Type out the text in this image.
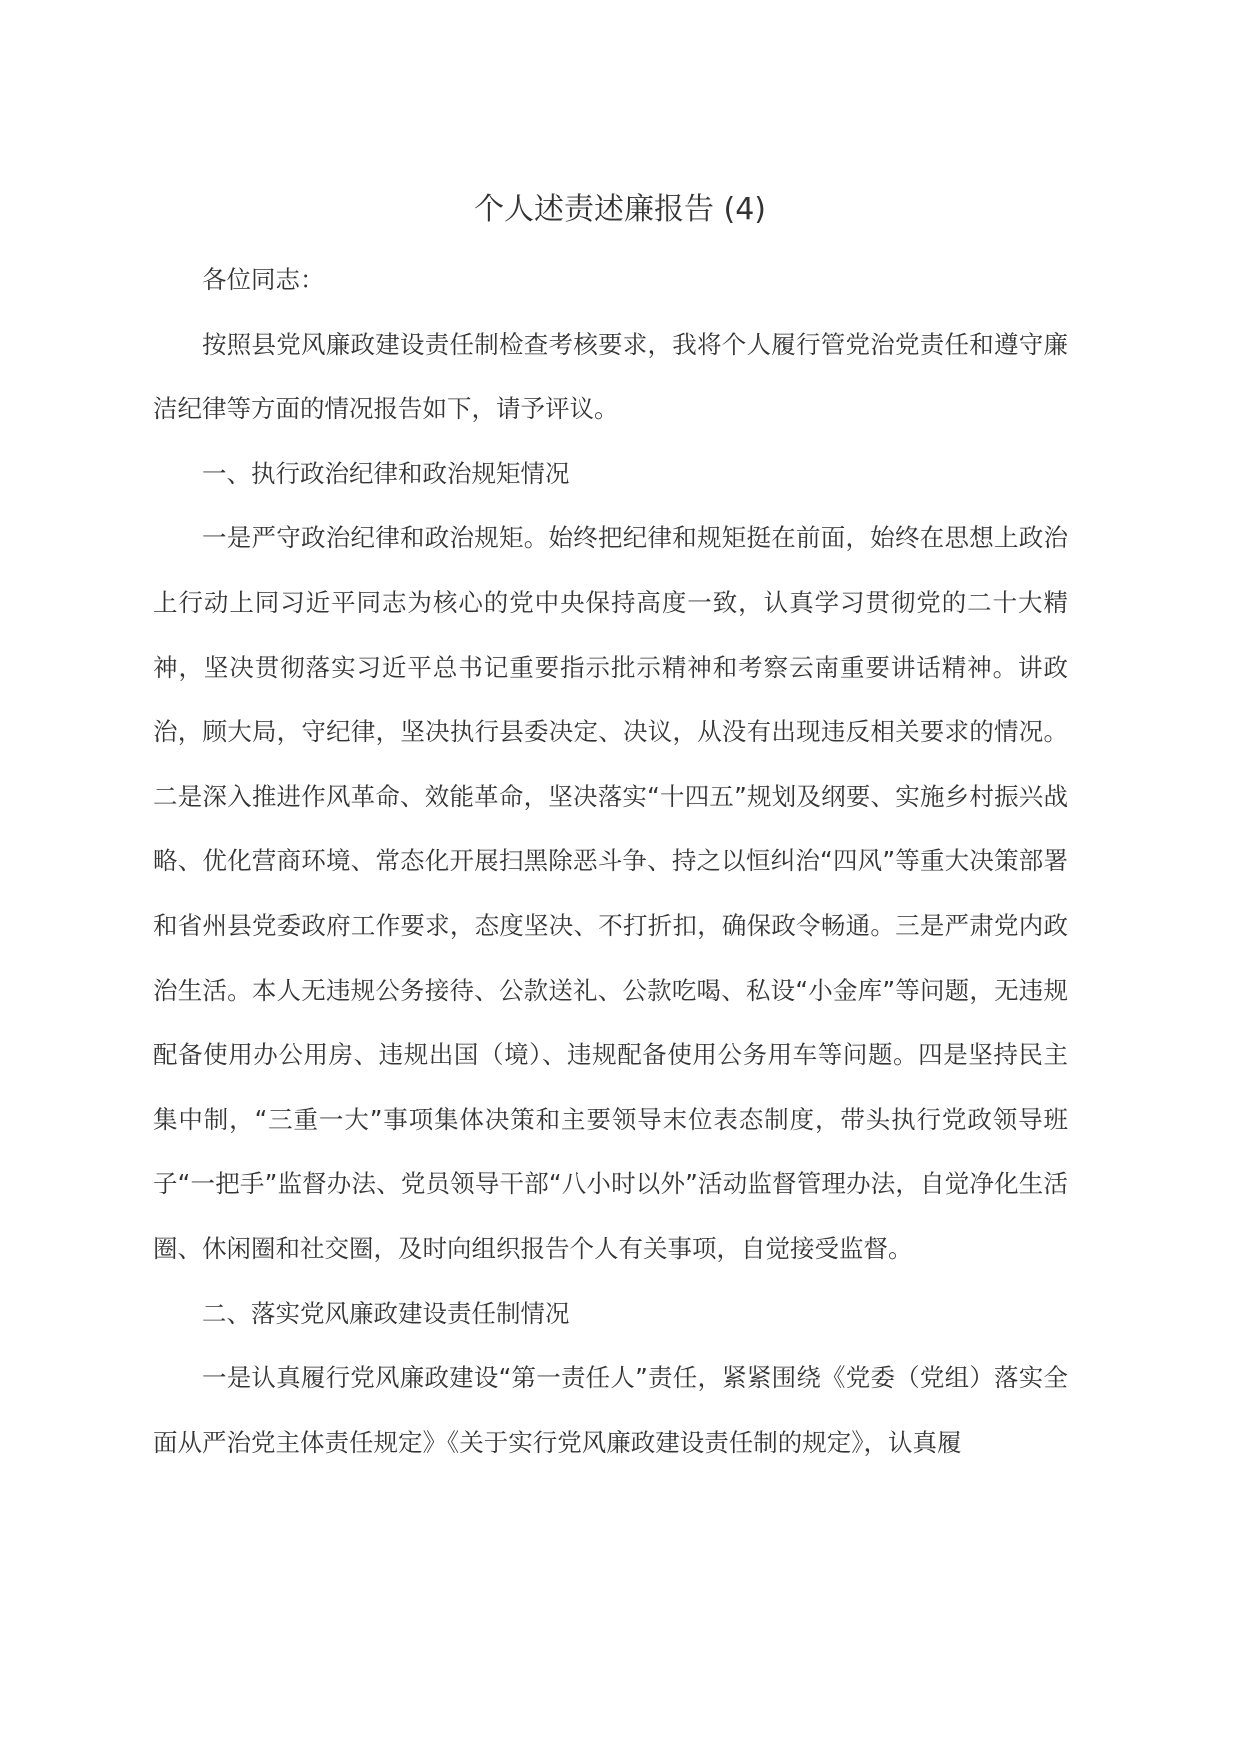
个人述责述廉报告 (4)

各位同志：

按照县党风廉政建设责任制检查考核要求，我将个人履行管党治党责任和遵守廉洁纪律等方面的情况报告如下，请予评议。

一、执行政治纪律和政治规矩情况

一是严守政治纪律和政治规矩。始终把纪律和规矩挺在前面，始终在思想上政治上行动上同习近平同志为核心的党中央保持高度一致，认真学习贯彻党的二十大精神，坚决贯彻落实习近平总书记重要指示批示精神和考察云南重要讲话精神。讲政治，顾大局，守纪律，坚决执行县委决定、决议，从没有出现违反相关要求的情况。二是深入推进作风革命、效能革命，坚决落实“十四五”规划及纲要、实施乡村振兴战略、优化营商环境、常态化开展扫黑除恶斗争、持之以恒纠治“四风”等重大决策部署和省州县党委政府工作要求，态度坚决、不打折扣，确保政令畅通。三是严肃党内政治生活。本人无违规公务接待、公款送礼、公款吃喝、私设“小金库”等问题，无违规配备使用办公用房、违规出国（境）、违规配备使用公务用车等问题。四是坚持民主集中制，“三重一大”事项集体决策和主要领导末位表态制度，带头执行党政领导班子“一把手”监督办法、党员领导干部“八小时以外”活动监督管理办法，自觉净化生活圈、休闲圈和社交圈，及时向组织报告个人有关事项，自觉接受监督。

二、落实党风廉政建设责任制情况

一是认真履行党风廉政建设“第一责任人”责任，紧紧围绕《党委（党组）落实全面从严治党主体责任规定》《关于实行党风廉政建设责任制的规定》，认真履
